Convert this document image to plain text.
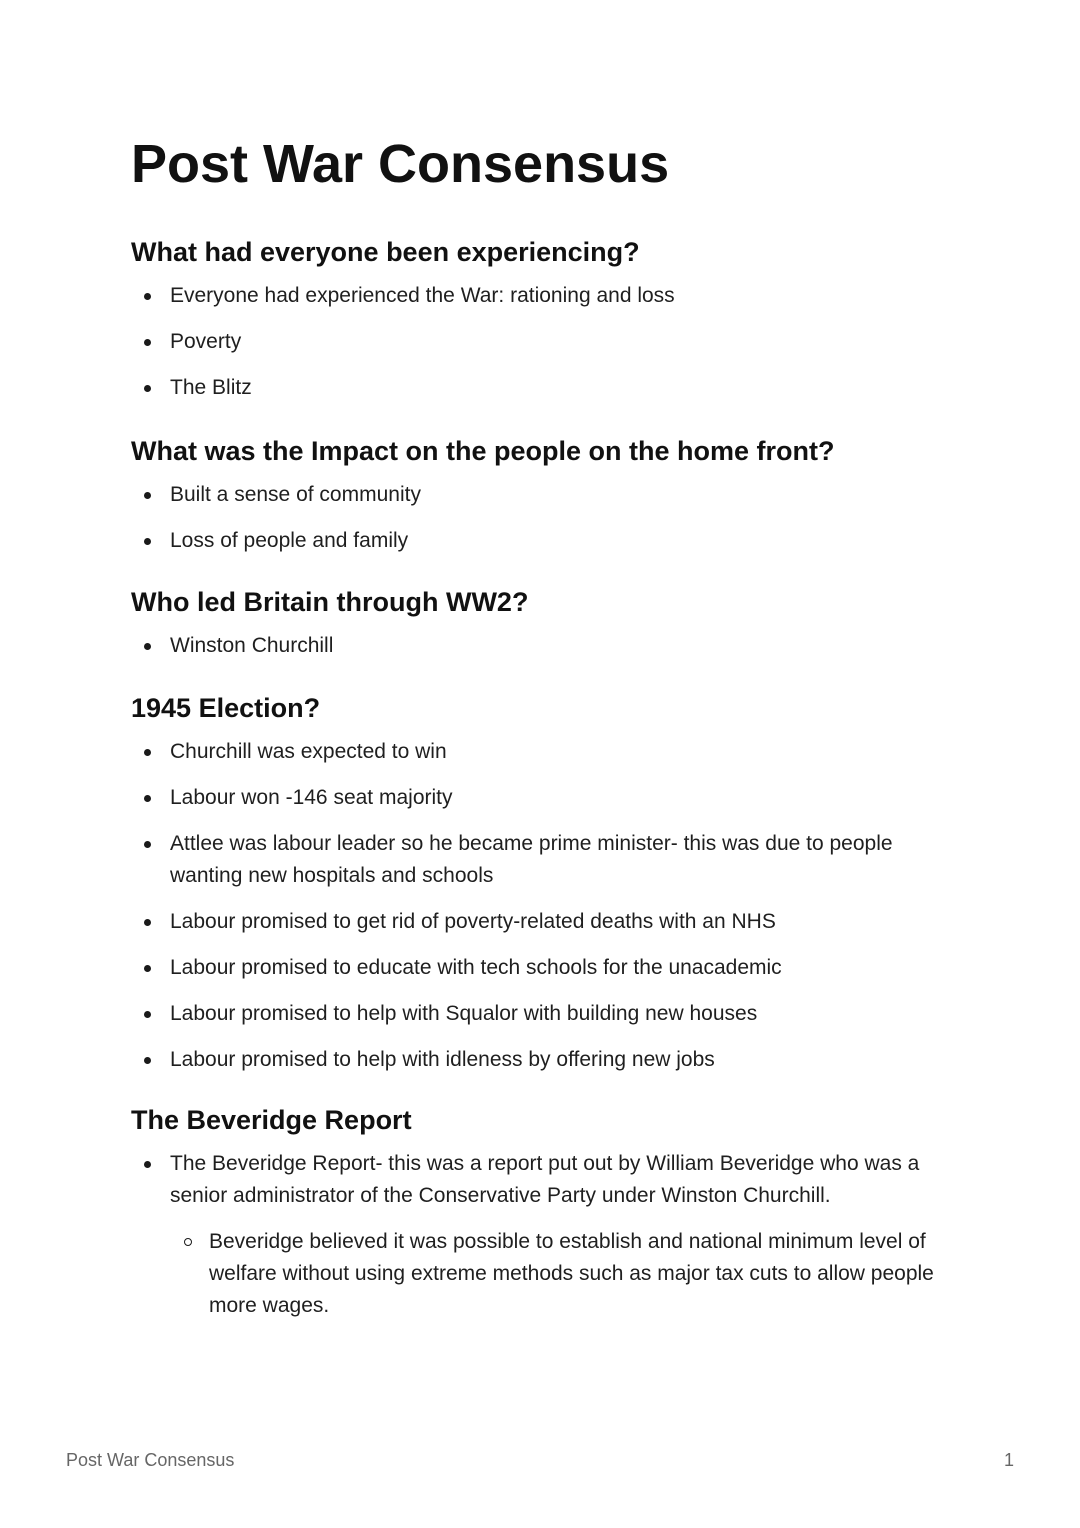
Post War Consensus
What had everyone been experiencing?
Everyone had experienced the War: rationing and loss
Poverty
The Blitz
What was the Impact on the people on the home front?
Built a sense of community
Loss of people and family
Who led Britain through WW2?
Winston Churchill
1945 Election?
Churchill was expected to win
Labour won -146 seat majority
Attlee was labour leader so he became prime minister- this was due to people wanting new hospitals and schools
Labour promised to get rid of poverty-related deaths with an NHS
Labour promised to educate with tech schools for the unacademic
Labour promised to help with Squalor with building new houses
Labour promised to help with idleness by offering new jobs
The Beveridge Report
The Beveridge Report- this was a report put out by William Beveridge who was a senior administrator of the Conservative Party under Winston Churchill.
Beveridge believed it was possible to establish and national minimum level of welfare without using extreme methods such as major tax cuts to allow people more wages.
Post War Consensus	1
